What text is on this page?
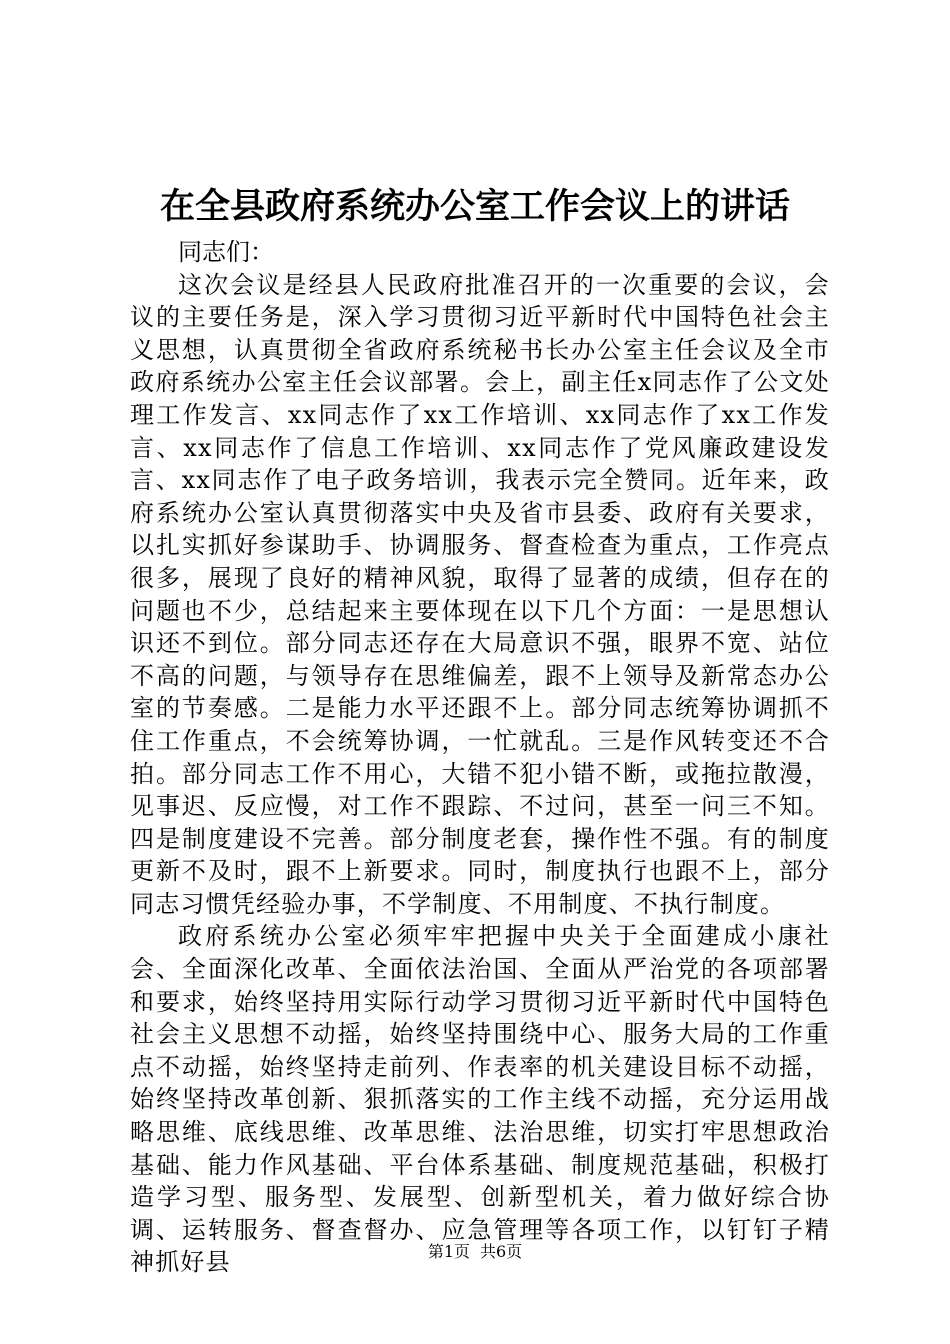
在全县政府系统办公室工作会议上的讲话

同志们：

这次会议是经县人民政府批准召开的一次重要的会议，会议的主要任务是，深入学习贯彻习近平新时代中国特色社会主义思想，认真贯彻全省政府系统秘书长办公室主任会议及全市政府系统办公室主任会议部署。会上，副主任x同志作了公文处理工作发言、xx同志作了xx工作培训、xx同志作了xx工作发言、xx同志作了信息工作培训、xx同志作了党风廉政建设发言、xx同志作了电子政务培训，我表示完全赞同。近年来，政府系统办公室认真贯彻落实中央及省市县委、政府有关要求，以扎实抓好参谋助手、协调服务、督查检查为重点，工作亮点很多，展现了良好的精神风貌，取得了显著的成绩，但存在的问题也不少，总结起来主要体现在以下几个方面：一是思想认识还不到位。部分同志还存在大局意识不强，眼界不宽、站位不高的问题，与领导存在思维偏差，跟不上领导及新常态办公室的节奏感。二是能力水平还跟不上。部分同志统筹协调抓不住工作重点，不会统筹协调，一忙就乱。三是作风转变还不合拍。部分同志工作不用心，大错不犯小错不断，或拖拉散漫，见事迟、反应慢，对工作不跟踪、不过问，甚至一问三不知。四是制度建设不完善。部分制度老套，操作性不强。有的制度更新不及时，跟不上新要求。同时，制度执行也跟不上，部分同志习惯凭经验办事，不学制度、不用制度、不执行制度。

政府系统办公室必须牢牢把握中央关于全面建成小康社会、全面深化改革、全面依法治国、全面从严治党的各项部署和要求，始终坚持用实际行动学习贯彻习近平新时代中国特色社会主义思想不动摇，始终坚持围绕中心、服务大局的工作重点不动摇，始终坚持走前列、作表率的机关建设目标不动摇，始终坚持改革创新、狠抓落实的工作主线不动摇，充分运用战略思维、底线思维、改革思维、法治思维，切实打牢思想政治基础、能力作风基础、平台体系基础、制度规范基础，积极打造学习型、服务型、发展型、创新型机关，着力做好综合协调、运转服务、督查督办、应急管理等各项工作，以钉钉子精神抓好县	第1页 共6页
